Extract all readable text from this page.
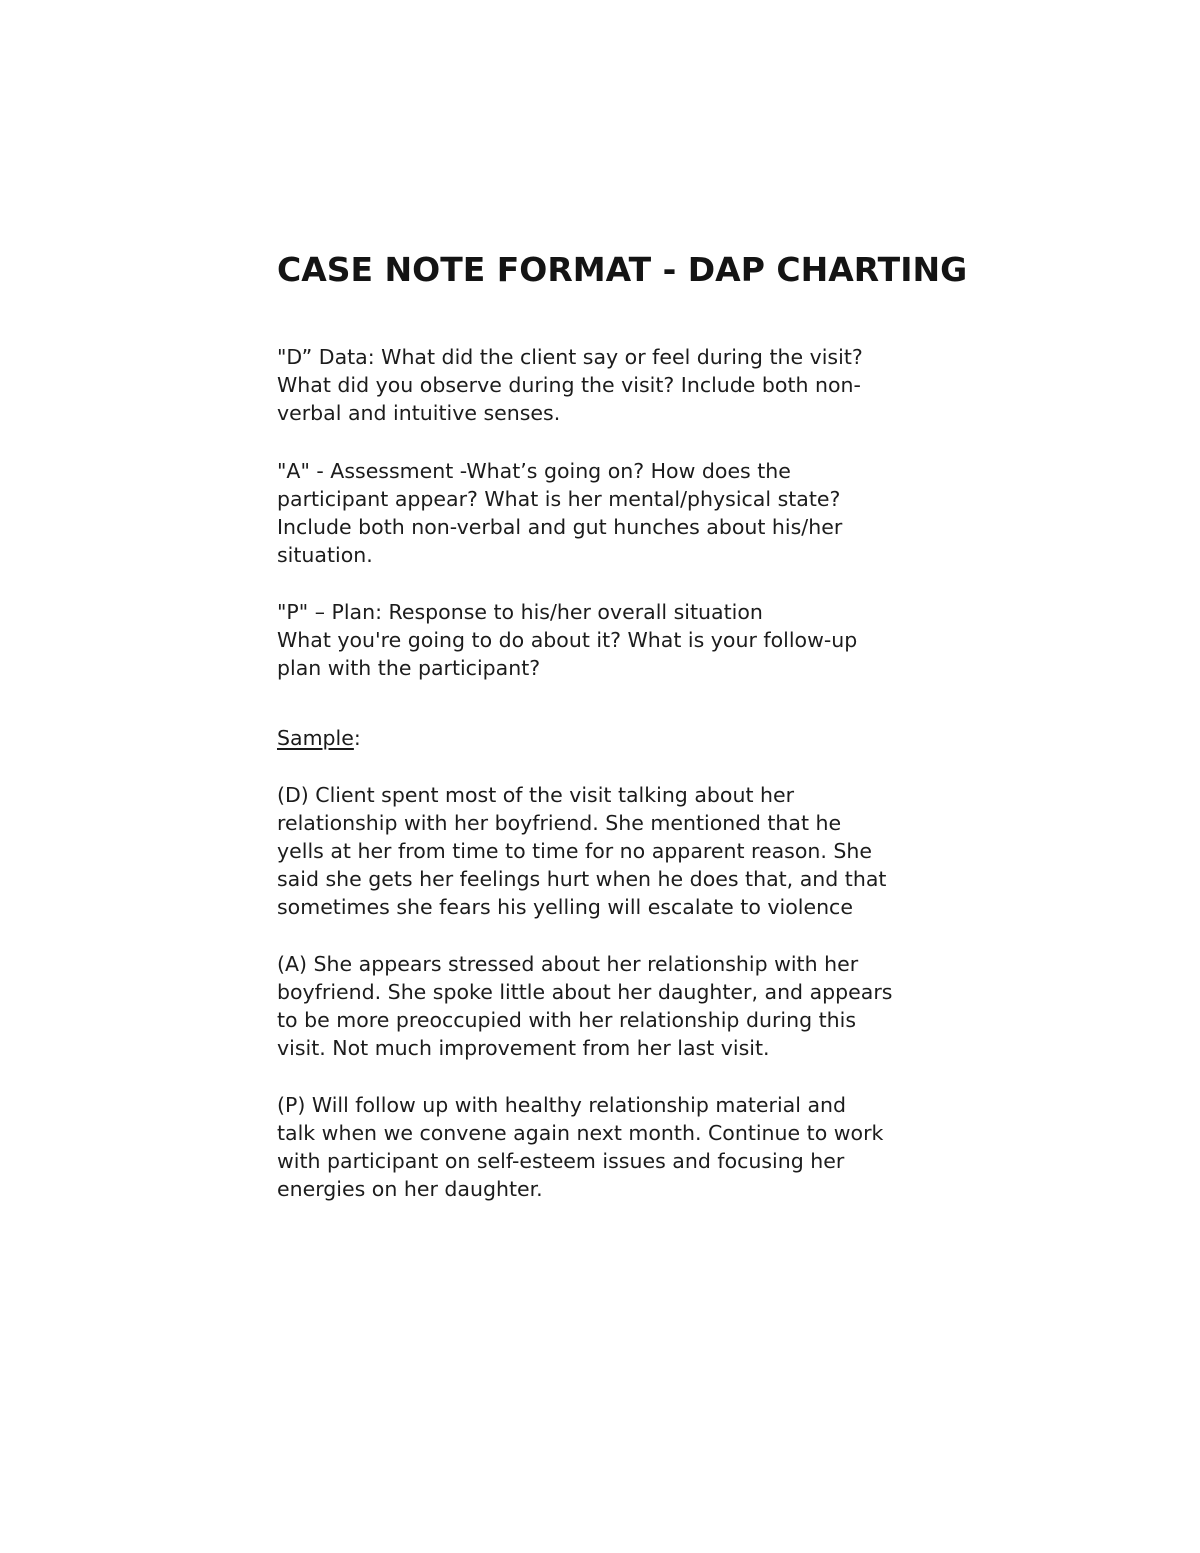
CASE NOTE FORMAT - DAP CHARTING

"D” Data: What did the client say or feel during the visit?
What did you observe during the visit? Include both non-
verbal and intuitive senses.

"A" - Assessment -What’s going on? How does the
participant appear? What is her mental/physical state?
Include both non-verbal and gut hunches about his/her
situation.

"P" – Plan: Response to his/her overall situation
What you're going to do about it? What is your follow-up
plan with the participant?

Sample:

(D) Client spent most of the visit talking about her
relationship with her boyfriend. She mentioned that he
yells at her from time to time for no apparent reason. She
said she gets her feelings hurt when he does that, and that
sometimes she fears his yelling will escalate to violence

(A) She appears stressed about her relationship with her
boyfriend. She spoke little about her daughter, and appears
to be more preoccupied with her relationship during this
visit. Not much improvement from her last visit.

(P) Will follow up with healthy relationship material and
talk when we convene again next month. Continue to work
with participant on self-esteem issues and focusing her
energies on her daughter.
